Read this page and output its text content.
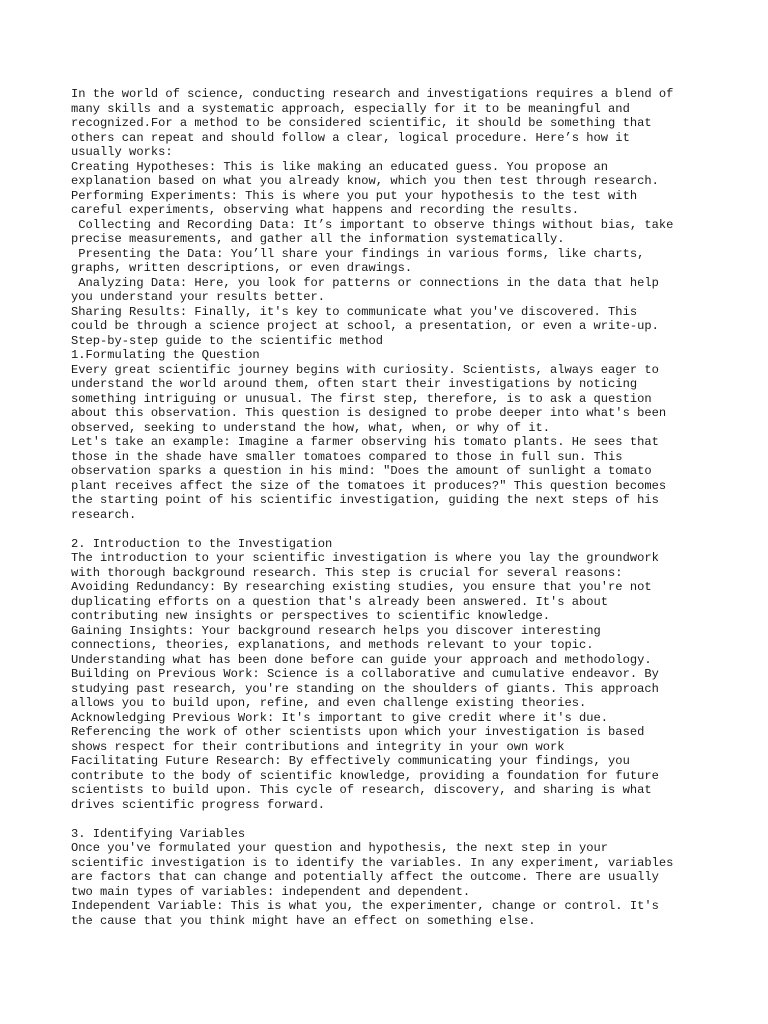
In the world of science, conducting research and investigations requires a blend of
many skills and a systematic approach, especially for it to be meaningful and
recognized.For a method to be considered scientific, it should be something that
others can repeat and should follow a clear, logical procedure. Here’s how it
usually works:
Creating Hypotheses: This is like making an educated guess. You propose an
explanation based on what you already know, which you then test through research.
Performing Experiments: This is where you put your hypothesis to the test with
careful experiments, observing what happens and recording the results.
Collecting and Recording Data: It’s important to observe things without bias, take
precise measurements, and gather all the information systematically.
Presenting the Data: You’ll share your findings in various forms, like charts,
graphs, written descriptions, or even drawings.
Analyzing Data: Here, you look for patterns or connections in the data that help
you understand your results better.
Sharing Results: Finally, it's key to communicate what you've discovered. This
could be through a science project at school, a presentation, or even a write-up.
Step-by-step guide to the scientific method
1.Formulating the Question
Every great scientific journey begins with curiosity. Scientists, always eager to
understand the world around them, often start their investigations by noticing
something intriguing or unusual. The first step, therefore, is to ask a question
about this observation. This question is designed to probe deeper into what's been
observed, seeking to understand the how, what, when, or why of it.
Let's take an example: Imagine a farmer observing his tomato plants. He sees that
those in the shade have smaller tomatoes compared to those in full sun. This
observation sparks a question in his mind: "Does the amount of sunlight a tomato
plant receives affect the size of the tomatoes it produces?" This question becomes
the starting point of his scientific investigation, guiding the next steps of his
research.
2. Introduction to the Investigation
The introduction to your scientific investigation is where you lay the groundwork
with thorough background research. This step is crucial for several reasons:
Avoiding Redundancy: By researching existing studies, you ensure that you're not
duplicating efforts on a question that's already been answered. It's about
contributing new insights or perspectives to scientific knowledge.
Gaining Insights: Your background research helps you discover interesting
connections, theories, explanations, and methods relevant to your topic.
Understanding what has been done before can guide your approach and methodology.
Building on Previous Work: Science is a collaborative and cumulative endeavor. By
studying past research, you're standing on the shoulders of giants. This approach
allows you to build upon, refine, and even challenge existing theories.
Acknowledging Previous Work: It's important to give credit where it's due.
Referencing the work of other scientists upon which your investigation is based
shows respect for their contributions and integrity in your own work
Facilitating Future Research: By effectively communicating your findings, you
contribute to the body of scientific knowledge, providing a foundation for future
scientists to build upon. This cycle of research, discovery, and sharing is what
drives scientific progress forward.
3. Identifying Variables
Once you've formulated your question and hypothesis, the next step in your
scientific investigation is to identify the variables. In any experiment, variables
are factors that can change and potentially affect the outcome. There are usually
two main types of variables: independent and dependent.
Independent Variable: This is what you, the experimenter, change or control. It's
the cause that you think might have an effect on something else.
